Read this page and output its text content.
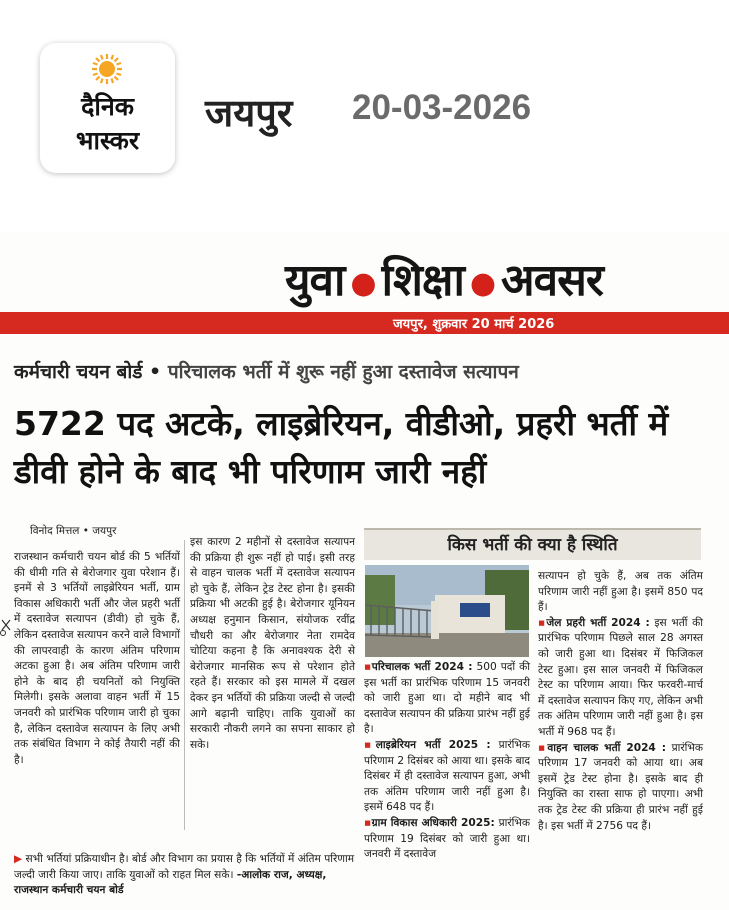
दैनिक
भास्कर
जयपुर 20-03-2026
युवा ● शिक्षा ● अवसर
जयपुर, शुक्रवार 20 मार्च 2026
कर्मचारी चयन बोर्ड • परिचालक भर्ती में शुरू नहीं हुआ दस्तावेज सत्यापन
5722 पद अटके, लाइब्रेरियन, वीडीओ, प्रहरी भर्ती में डीवी होने के बाद भी परिणाम जारी नहीं
विनोद मित्तल • जयपुर
राजस्थान कर्मचारी चयन बोर्ड की 5 भर्तियों की धीमी गति से बेरोजगार युवा परेशान हैं। इनमें से 3 भर्तियों लाइब्रेरियन भर्ती, ग्राम विकास अधिकारी भर्ती और जेल प्रहरी भर्ती में दस्तावेज सत्यापन (डीवी) हो चुके हैं, लेकिन दस्तावेज सत्यापन करने वाले विभागों की लापरवाही के कारण अंतिम परिणाम अटका हुआ है। अब अंतिम परिणाम जारी होने के बाद ही चयनितों को नियुक्ति मिलेगी। इसके अलावा वाहन भर्ती में 15 जनवरी को प्रारंभिक परिणाम जारी हो चुका है, लेकिन दस्तावेज सत्यापन के लिए अभी तक संबंधित विभाग ने कोई तैयारी नहीं की है।
इस कारण 2 महीनों से दस्तावेज सत्यापन की प्रक्रिया ही शुरू नहीं हो पाई। इसी तरह से वाहन चालक भर्ती में दस्तावेज सत्यापन हो चुके हैं, लेकिन ट्रेड टेस्ट होना है। इसकी प्रक्रिया भी अटकी हुई है। बेरोजगार यूनियन अध्यक्ष हनुमान किसान, संयोजक रवींद्र चौधरी का और बेरोजगार नेता रामदेव चोटिया कहना है कि अनावश्यक देरी से बेरोजगार मानसिक रूप से परेशान होते रहते हैं। सरकार को इस मामले में दखल देकर इन भर्तियों की प्रक्रिया जल्दी से जल्दी आगे बढ़ानी चाहिए। ताकि युवाओं का सरकारी नौकरी लगने का सपना साकार हो सके।
▶ सभी भर्तियां प्रक्रियाधीन है। बोर्ड और विभाग का प्रयास है कि भर्तियों में अंतिम परिणाम जल्दी जारी किया जाए। ताकि युवाओं को राहत मिल सके। -आलोक राज, अध्यक्ष, राजस्थान कर्मचारी चयन बोर्ड
किस भर्ती की क्या है स्थिति
▪परिचालक भर्ती 2024 : 500 पदों की इस भर्ती का प्रारंभिक परिणाम 15 जनवरी को जारी हुआ था। दो महीने बाद भी दस्तावेज सत्यापन की प्रक्रिया प्रारंभ नहीं हुई है।
▪लाइब्रेरियन भर्ती 2025 : प्रारंभिक परिणाम 2 दिसंबर को आया था। इसके बाद दिसंबर में ही दस्तावेज सत्यापन हुआ, अभी तक अंतिम परिणाम जारी नहीं हुआ है। इसमें 648 पद हैं।
▪ग्राम विकास अधिकारी 2025: प्रारंभिक परिणाम 19 दिसंबर को जारी हुआ था। जनवरी में दस्तावेज
सत्यापन हो चुके हैं, अब तक अंतिम परिणाम जारी नहीं हुआ है। इसमें 850 पद हैं।
▪जेल प्रहरी भर्ती 2024 : इस भर्ती की प्रारंभिक परिणाम पिछले साल 28 अगस्त को जारी हुआ था। दिसंबर में फिजिकल टेस्ट हुआ। इस साल जनवरी में फिजिकल टेस्ट का परिणाम आया। फिर फरवरी-मार्च में दस्तावेज सत्यापन किए गए, लेकिन अभी तक अंतिम परिणाम जारी नहीं हुआ है। इस भर्ती में 968 पद हैं।
▪वाहन चालक भर्ती 2024 : प्रारंभिक परिणाम 17 जनवरी को आया था। अब इसमें ट्रेड टेस्ट होना है। इसके बाद ही नियुक्ति का रास्ता साफ हो पाएगा। अभी तक ट्रेड टेस्ट की प्रक्रिया ही प्रारंभ नहीं हुई है। इस भर्ती में 2756 पद हैं।
